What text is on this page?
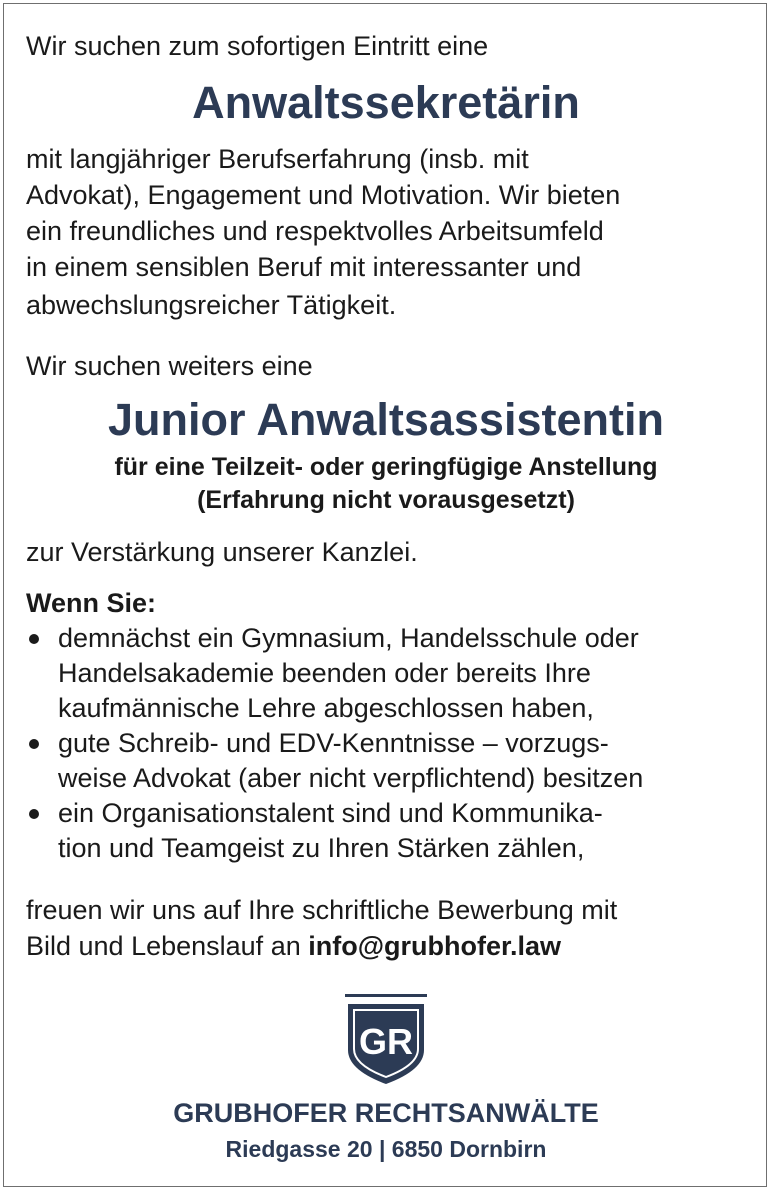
Wir suchen zum sofortigen Eintritt eine

Anwaltssekretärin

mit langjähriger Berufserfahrung (insb. mit

Advokat), Engagement und Motivation. Wir bieten

ein freundliches und respektvolles Arbeitsumfeld

in einem sensiblen Beruf mit interessanter und

abwechslungsreicher Tätigkeit.

Wir suchen weiters eine

Junior Anwaltsassistentin

für eine Teilzeit- oder geringfügige Anstellung

(Erfahrung nicht vorausgesetzt)

zur Verstärkung unserer Kanzlei.

Wenn Sie:

demnächst ein Gymnasium, Handelsschule oder
Handelsakademie beenden oder bereits Ihre
kaufmännische Lehre abgeschlossen haben,
gute Schreib- und EDV-Kenntnisse – vorzugs-
weise Advokat (aber nicht verpflichtend) besitzen
ein Organisationstalent sind und Kommunika-
tion und Teamgeist zu Ihren Stärken zählen,

freuen wir uns auf Ihre schriftliche Bewerbung mit

Bild und Lebenslauf an info@grubhofer.law

GR

GRUBHOFER RECHTSANWÄLTE

Riedgasse 20 | 6850 Dornbirn
